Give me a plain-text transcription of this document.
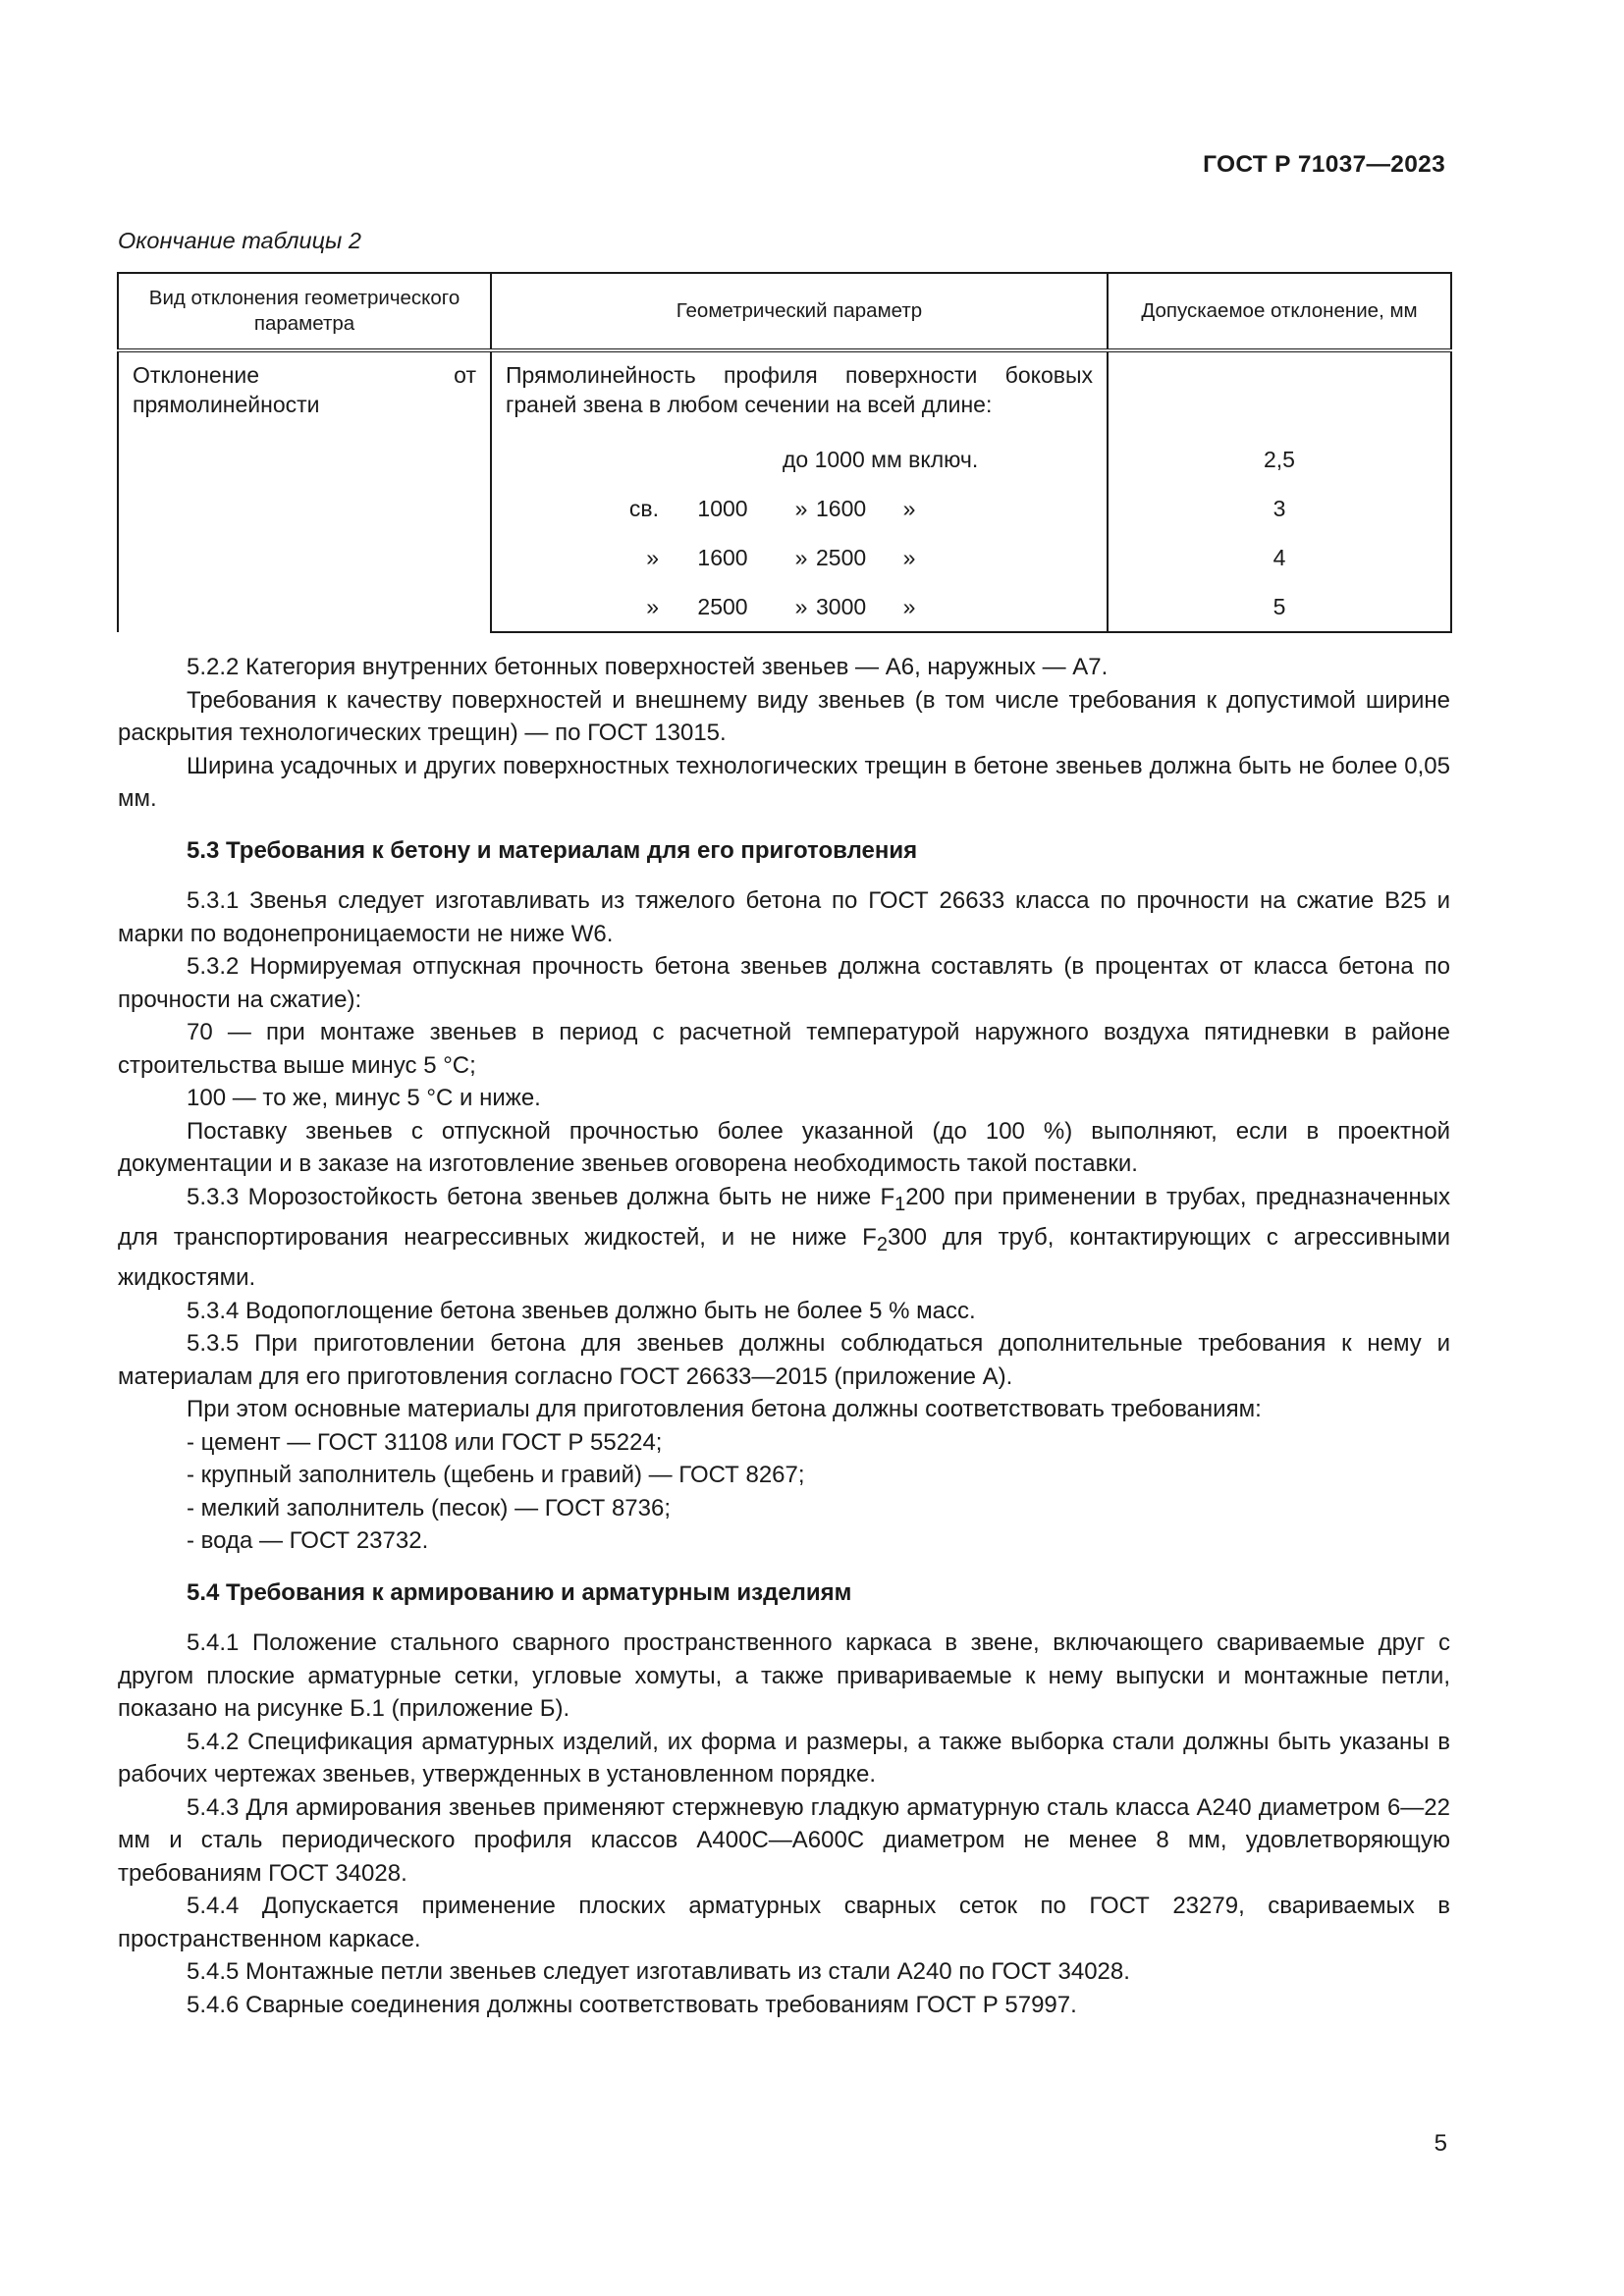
ГОСТ Р 71037—2023
Окончание таблицы 2
Вид отклонения геометрического параметра	Геометрический параметр	Допускаемое отклонение, мм
Отклонение от прямолинейности	Прямолинейность профиля поверхности боковых граней звена в любом сечении на всей длине:	
	до 1000 мм включ.	2,5
	св. 1000 » 1600 »	3
	» 1600 » 2500 »	4
	» 2500 » 3000 »	5

5.2.2 Категория внутренних бетонных поверхностей звеньев — А6, наружных — А7.

Требования к качеству поверхностей и внешнему виду звеньев (в том числе требования к допустимой ширине раскрытия технологических трещин) — по ГОСТ 13015.

Ширина усадочных и других поверхностных технологических трещин в бетоне звеньев должна быть не более 0,05 мм.

5.3 Требования к бетону и материалам для его приготовления

5.3.1 Звенья следует изготавливать из тяжелого бетона по ГОСТ 26633 класса по прочности на сжатие В25 и марки по водонепроницаемости не ниже W6.

5.3.2 Нормируемая отпускная прочность бетона звеньев должна составлять (в процентах от класса бетона по прочности на сжатие):

70 — при монтаже звеньев в период с расчетной температурой наружного воздуха пятидневки в районе строительства выше минус 5 °С;

100 — то же, минус 5 °С и ниже.

Поставку звеньев с отпускной прочностью более указанной (до 100 %) выполняют, если в проектной документации и в заказе на изготовление звеньев оговорена необходимость такой поставки.

5.3.3 Морозостойкость бетона звеньев должна быть не ниже $F_1200$ при применении в трубах, предназначенных для транспортирования неагрессивных жидкостей, и не ниже $F_2300$ для труб, контактирующих с агрессивными жидкостями.

5.3.4 Водопоглощение бетона звеньев должно быть не более 5 % масс.

5.3.5 При приготовлении бетона для звеньев должны соблюдаться дополнительные требования к нему и материалам для его приготовления согласно ГОСТ 26633—2015 (приложение А).

При этом основные материалы для приготовления бетона должны соответствовать требованиям:

- цемент — ГОСТ 31108 или ГОСТ Р 55224;

- крупный заполнитель (щебень и гравий) — ГОСТ 8267;

- мелкий заполнитель (песок) — ГОСТ 8736;

- вода — ГОСТ 23732.

5.4 Требования к армированию и арматурным изделиям

5.4.1 Положение стального сварного пространственного каркаса в звене, включающего свариваемые друг с другом плоские арматурные сетки, угловые хомуты, а также привариваемые к нему выпуски и монтажные петли, показано на рисунке Б.1 (приложение Б).

5.4.2 Спецификация арматурных изделий, их форма и размеры, а также выборка стали должны быть указаны в рабочих чертежах звеньев, утвержденных в установленном порядке.

5.4.3 Для армирования звеньев применяют стержневую гладкую арматурную сталь класса А240 диаметром 6—22 мм и сталь периодического профиля классов А400С—А600С диаметром не менее 8 мм, удовлетворяющую требованиям ГОСТ 34028.

5.4.4 Допускается применение плоских арматурных сварных сеток по ГОСТ 23279, свариваемых в пространственном каркасе.

5.4.5 Монтажные петли звеньев следует изготавливать из стали А240 по ГОСТ 34028.

5.4.6 Сварные соединения должны соответствовать требованиям ГОСТ Р 57997.

5
